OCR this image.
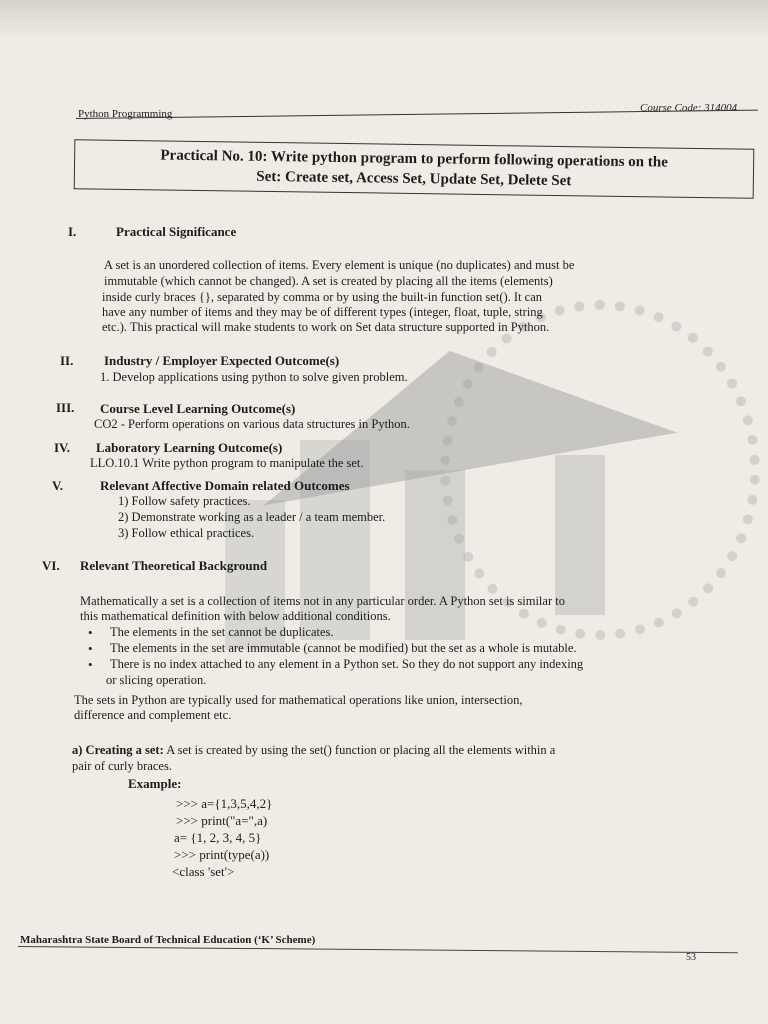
Python Programming	Course Code: 314004
Practical No. 10: Write python program to perform following operations on the
Set: Create set, Access Set, Update Set, Delete Set
I.	Practical Significance
A set is an unordered collection of items. Every element is unique (no duplicates) and must be
immutable (which cannot be changed). A set is created by placing all the items (elements)
inside curly braces {}, separated by comma or by using the built-in function set(). It can
have any number of items and they may be of different types (integer, float, tuple, string
etc.). This practical will make students to work on Set data structure supported in Python.
II. Industry / Employer Expected Outcome(s)
1. Develop applications using python to solve given problem.
III. Course Level Learning Outcome(s)
CO2 - Perform operations on various data structures in Python.
IV. Laboratory Learning Outcome(s)
LLO.10.1 Write python program to manipulate the set.
V.	Relevant Affective Domain related Outcomes
1) Follow safety practices.
2) Demonstrate working as a leader / a team member.
3) Follow ethical practices.
VI. Relevant Theoretical Background
Mathematically a set is a collection of items not in any particular order. A Python set is similar to
this mathematical definition with below additional conditions.
• The elements in the set cannot be duplicates.
• The elements in the set are immutable (cannot be modified) but the set as a whole is mutable.
• There is no index attached to any element in a Python set. So they do not support any indexing
or slicing operation.
The sets in Python are typically used for mathematical operations like union, intersection,
difference and complement etc.
a) Creating a set: A set is created by using the set() function or placing all the elements within a
pair of curly braces.
Example:
>>> a={1,3,5,4,2}
>>> print("a=",a)
a= {1, 2, 3, 4, 5}
>>> print(type(a))
<class 'set'>
Maharashtra State Board of Technical Education (‘K’ Scheme)
53
